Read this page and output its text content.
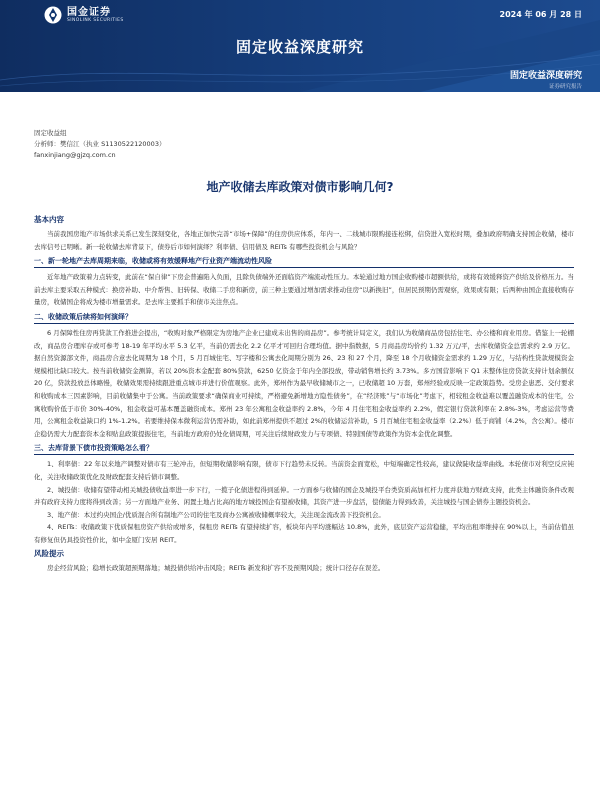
国金证券
SINOLINK SECURITIES
2024 年 06 月 28 日
固定收益深度研究
固定收益深度研究
证券研究报告
固定收益组
分析师：樊信江（执业 S1130522120003）
fanxinjiang@gjzq.com.cn
地产收储去库政策对债市影响几何?
基本内容

当前我国房地产市场供求关系已发生深刻变化，各地正加快完善“市场+保障”的住房供应体系，年内一、二线城市限购接连松绑，信贷进入宽松时期，叠加政府明确支持国企收储，楼市去库信号已明晰。新一轮收储去库背景下，债券后市如何演绎？利率债、信用债及 REITs 有哪些投资机会与风险？

一、新一轮地产去库周期来临，收储或将有效缓释地产行业资产端流动性风险

近年地产政策着力点转变，此前在“保自律”下房企普遍陷入负面，且除负债端外还面临资产端流动性压力。本轮通过地方国企收购楼市超额供给，或将有效缓释资产供给及价格压力。当前去库主要采取五种模式：换房补助、中介帮售、旧转保、收储二手房和新房，前三种主要通过增加需求推动住房“以新换旧”，但居民预期仍需观察，效果或有限；后两种由国企直接收购存量房，收储国企将成为楼市增量需求。是去库主要抓手和债市关注焦点。

二、收储政策后续将如何演绎？

6 月保障性住房再贷款工作推进会提出，“收购对象严格限定为房地产企业已建成未出售的商品房”。参考统计局定义，我们认为收储商品房包括住宅、办公楼和商业用房。借鉴上一轮棚改，商品房合理库存或可参考 18-19 年平均水平 5.3 亿平，当前仍需去化 2.2 亿平才可回归合理均值。据中指数据，5 月商品房均价约 1.32 万元/平，去库收储资金总需求约 2.9 万亿。据自然资源部文件，商品房合意去化周期为 18 个月，5 月百城住宅、写字楼和公寓去化周期分别为 26、23 和 27 个月，降至 18 个月收储资金需求约 1.29 万亿，与结构性贷款规模资金规模相比缺口较大。按当前收储资金测算，若以 20%资本金配套 80%贷款，6250 亿资金于年内全部投放，带动销售增长约 3.73%。多方国营影响下 Q1 末整体住房贷款支持计划余额仅 20 亿，贷款投放总体略慢，收储效果需持续跟进重点城市并进行价值观察。此外，郑州作为最早收储城市之一，已收储超 10 万套，郑州经验或反映一定政策趋势。受房企患恶、交付要求和收购成本三因素影响，目前收储集中于公寓。当前政策要求“确保商业可持续，严格避免新增地方隐性债务”，在“经济账”与“市场化”考虑下，相较租金收益难以覆盖融资成本的住宅，公寓收购价低于市价 30%-40%，租金收益可基本覆盖融资成本。郑州 23 年公寓租金收益率约 2.8%，今年 4 月住宅租金收益率约 2.2%，假定银行贷款利率在 2.8%-3%，考虑运营等费用，公寓租金收益缺口约 1%-1.2%。若要维持保本微利运营仍需补助，如此前郑州提供不超过 2%的收储运营补助，5 月百城住宅租金收益率（2.2%）低于商铺（4.2%，含公寓）。楼市企稳仍需大力配套资本金和贴息政策提振住宅，当前地方政府仍处化债周期，可关注后续财政发力与专项债、特别国债等政策作为资本金优化调整。

三、去库背景下债市投资策略怎么看？

1、利率债：22 年以来地产调整对债市有三轮冲击，但短期收储影响有限，债市下行趋势未反转。当前资金面宽松，中短端确定性较高，建议做陡收益率曲线。本轮债市对利空反应钝化，关注收储政策优化及财政配套支持后债市调整。

2、城投债：收储有望带动相关城投债收益率进一步下行，一揽子化债进程得到延伸。一方面参与收储的国企及城投平台类资质高加杠杆力度并获地方财政支持，此类主体融资条件改观并有政府支持力度将得到改善；另一方面地产业务、闲置土地占比高的地方城投国企有望被收储，其资产进一步盘活，偿债能力得到改善，关注城投与国企债券主题投资机会。

3、地产债：本过约央国企/优质混合所有制地产公司的住宅及商办公寓被收储概率较大，关注现金流改善下投资机会。

4、REITs：收储政策下优质保租房资产供给或增多，保租房 REITs 有望持续扩容，板块年内平均涨幅达 10.8%，此外，底层资产运营稳健，平均出租率维持在 90%以上，当前估值虽有修复但仍具投资性价比，如中金厦门安居 REIT。

风险提示

房企经营风险；稳增长政策超预期落地；城投债供给冲击风险；REITs 新发和扩容不及预期风险；统计口径存在误差。
